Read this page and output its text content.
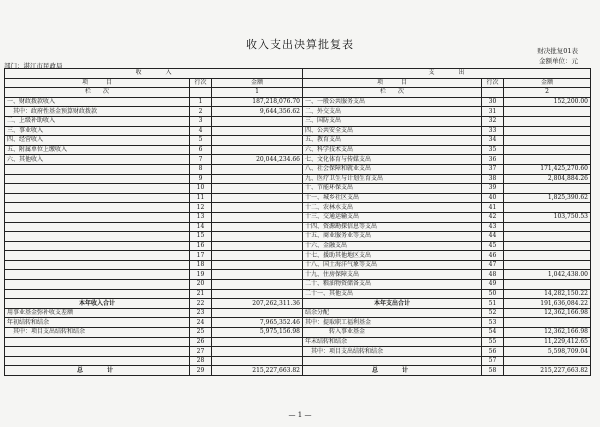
收入支出决算批复表	财决批复01表
金额单位：元
部门：湛江市民政局
收　　　　入			支　　　　出		
项　　　目	行次	金额	项　　　目	行次	金额
栏　　次		1	栏　　次		2
一、财政拨款收入	1	187,218,076.70	一、一般公共服务支出	30	152,200.00
　其中：政府性基金预算财政拨款	2	9,644,356.62	二、外交支出	31	
二、上级补助收入	3		三、国防支出	32	
三、事业收入	4		四、公共安全支出	33	
四、经营收入	5		五、教育支出	34	
五、附属单位上缴收入	6		六、科学技术支出	35	
六、其他收入	7	20,044,234.66	七、文化体育与传媒支出	36	
	8		八、社会保障和就业支出	37	171,425,270.60
	9		九、医疗卫生与计划生育支出	38	2,804,884.26
	10		十、节能环保支出	39	
	11		十一、城乡社区支出	40	1,825,390.62
	12		十二、农林水支出	41	
	13		十三、交通运输支出	42	103,750.53
	14		十四、资源勘探信息等支出	43	
	15		十五、商业服务业等支出	44	
	16		十六、金融支出	45	
	17		十七、援助其他地区支出	46	
	18		十八、国土海洋气象等支出	47	
	19		十九、住房保障支出	48	1,042,438.00
	20		二十、粮油物资储备支出	49	
	21		二十一、其他支出	50	14,282,150.22
本年收入合计	22	207,262,311.36	本年支出合计	51	191,636,084.22
用事业基金弥补收支差额	23		结余分配	52	12,362,166.98
年初结转和结余	24	7,965,352.46	其中：提取职工福利基金	53	
　其中：项目支出结转和结余	25	5,975,156.98	　　　　转入事业基金	54	12,362,166.98
	26		年末结转和结余	55	11,229,412.65
	27		　其中：项目支出结转和结余	56	5,598,709.04
	28			57	
总　　计	29	215,227,663.82	总　　计	58	215,227,663.82
— 1 —
